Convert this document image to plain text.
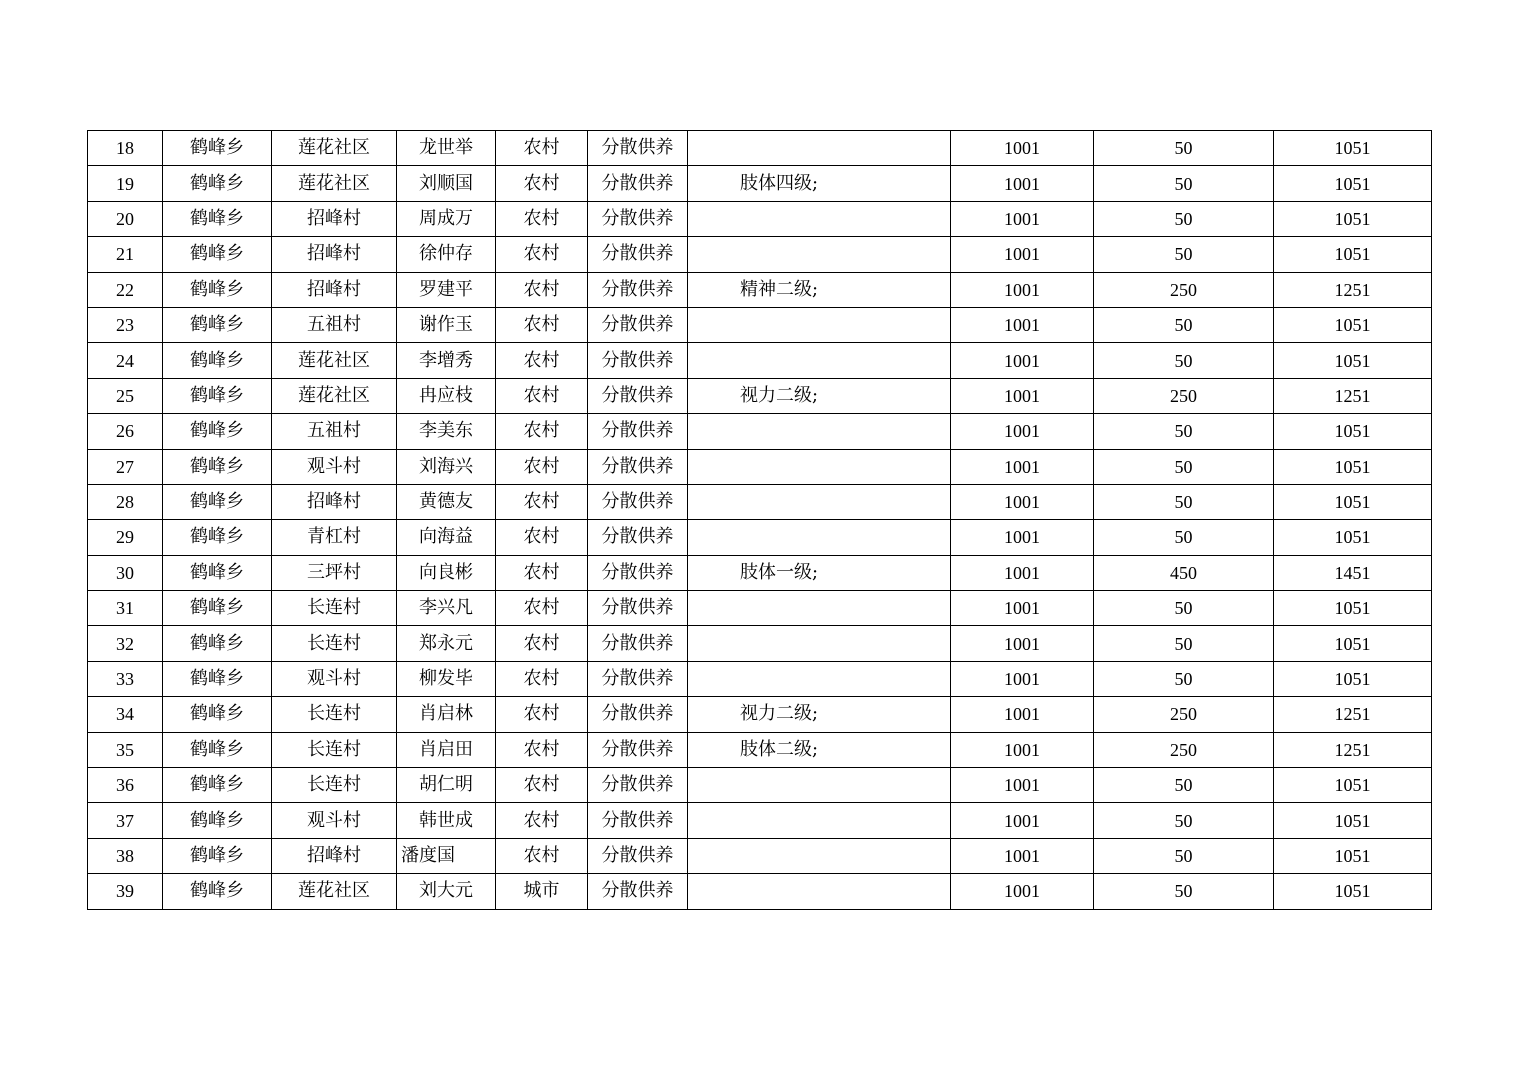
18	鹤峰乡	莲花社区	龙世举	农村	分散供养		1001	50	1051
19	鹤峰乡	莲花社区	刘顺国	农村	分散供养	肢体四级;	1001	50	1051
20	鹤峰乡	招峰村	周成万	农村	分散供养		1001	50	1051
21	鹤峰乡	招峰村	徐仲存	农村	分散供养		1001	50	1051
22	鹤峰乡	招峰村	罗建平	农村	分散供养	精神二级;	1001	250	1251
23	鹤峰乡	五祖村	谢作玉	农村	分散供养		1001	50	1051
24	鹤峰乡	莲花社区	李增秀	农村	分散供养		1001	50	1051
25	鹤峰乡	莲花社区	冉应枝	农村	分散供养	视力二级;	1001	250	1251
26	鹤峰乡	五祖村	李美东	农村	分散供养		1001	50	1051
27	鹤峰乡	观斗村	刘海兴	农村	分散供养		1001	50	1051
28	鹤峰乡	招峰村	黄德友	农村	分散供养		1001	50	1051
29	鹤峰乡	青杠村	向海益	农村	分散供养		1001	50	1051
30	鹤峰乡	三坪村	向良彬	农村	分散供养	肢体一级;	1001	450	1451
31	鹤峰乡	长连村	李兴凡	农村	分散供养		1001	50	1051
32	鹤峰乡	长连村	郑永元	农村	分散供养		1001	50	1051
33	鹤峰乡	观斗村	柳发毕	农村	分散供养		1001	50	1051
34	鹤峰乡	长连村	肖启林	农村	分散供养	视力二级;	1001	250	1251
35	鹤峰乡	长连村	肖启田	农村	分散供养	肢体二级;	1001	250	1251
36	鹤峰乡	长连村	胡仁明	农村	分散供养		1001	50	1051
37	鹤峰乡	观斗村	韩世成	农村	分散供养		1001	50	1051
38	鹤峰乡	招峰村	潘度国	农村	分散供养		1001	50	1051
39	鹤峰乡	莲花社区	刘大元	城市	分散供养		1001	50	1051
